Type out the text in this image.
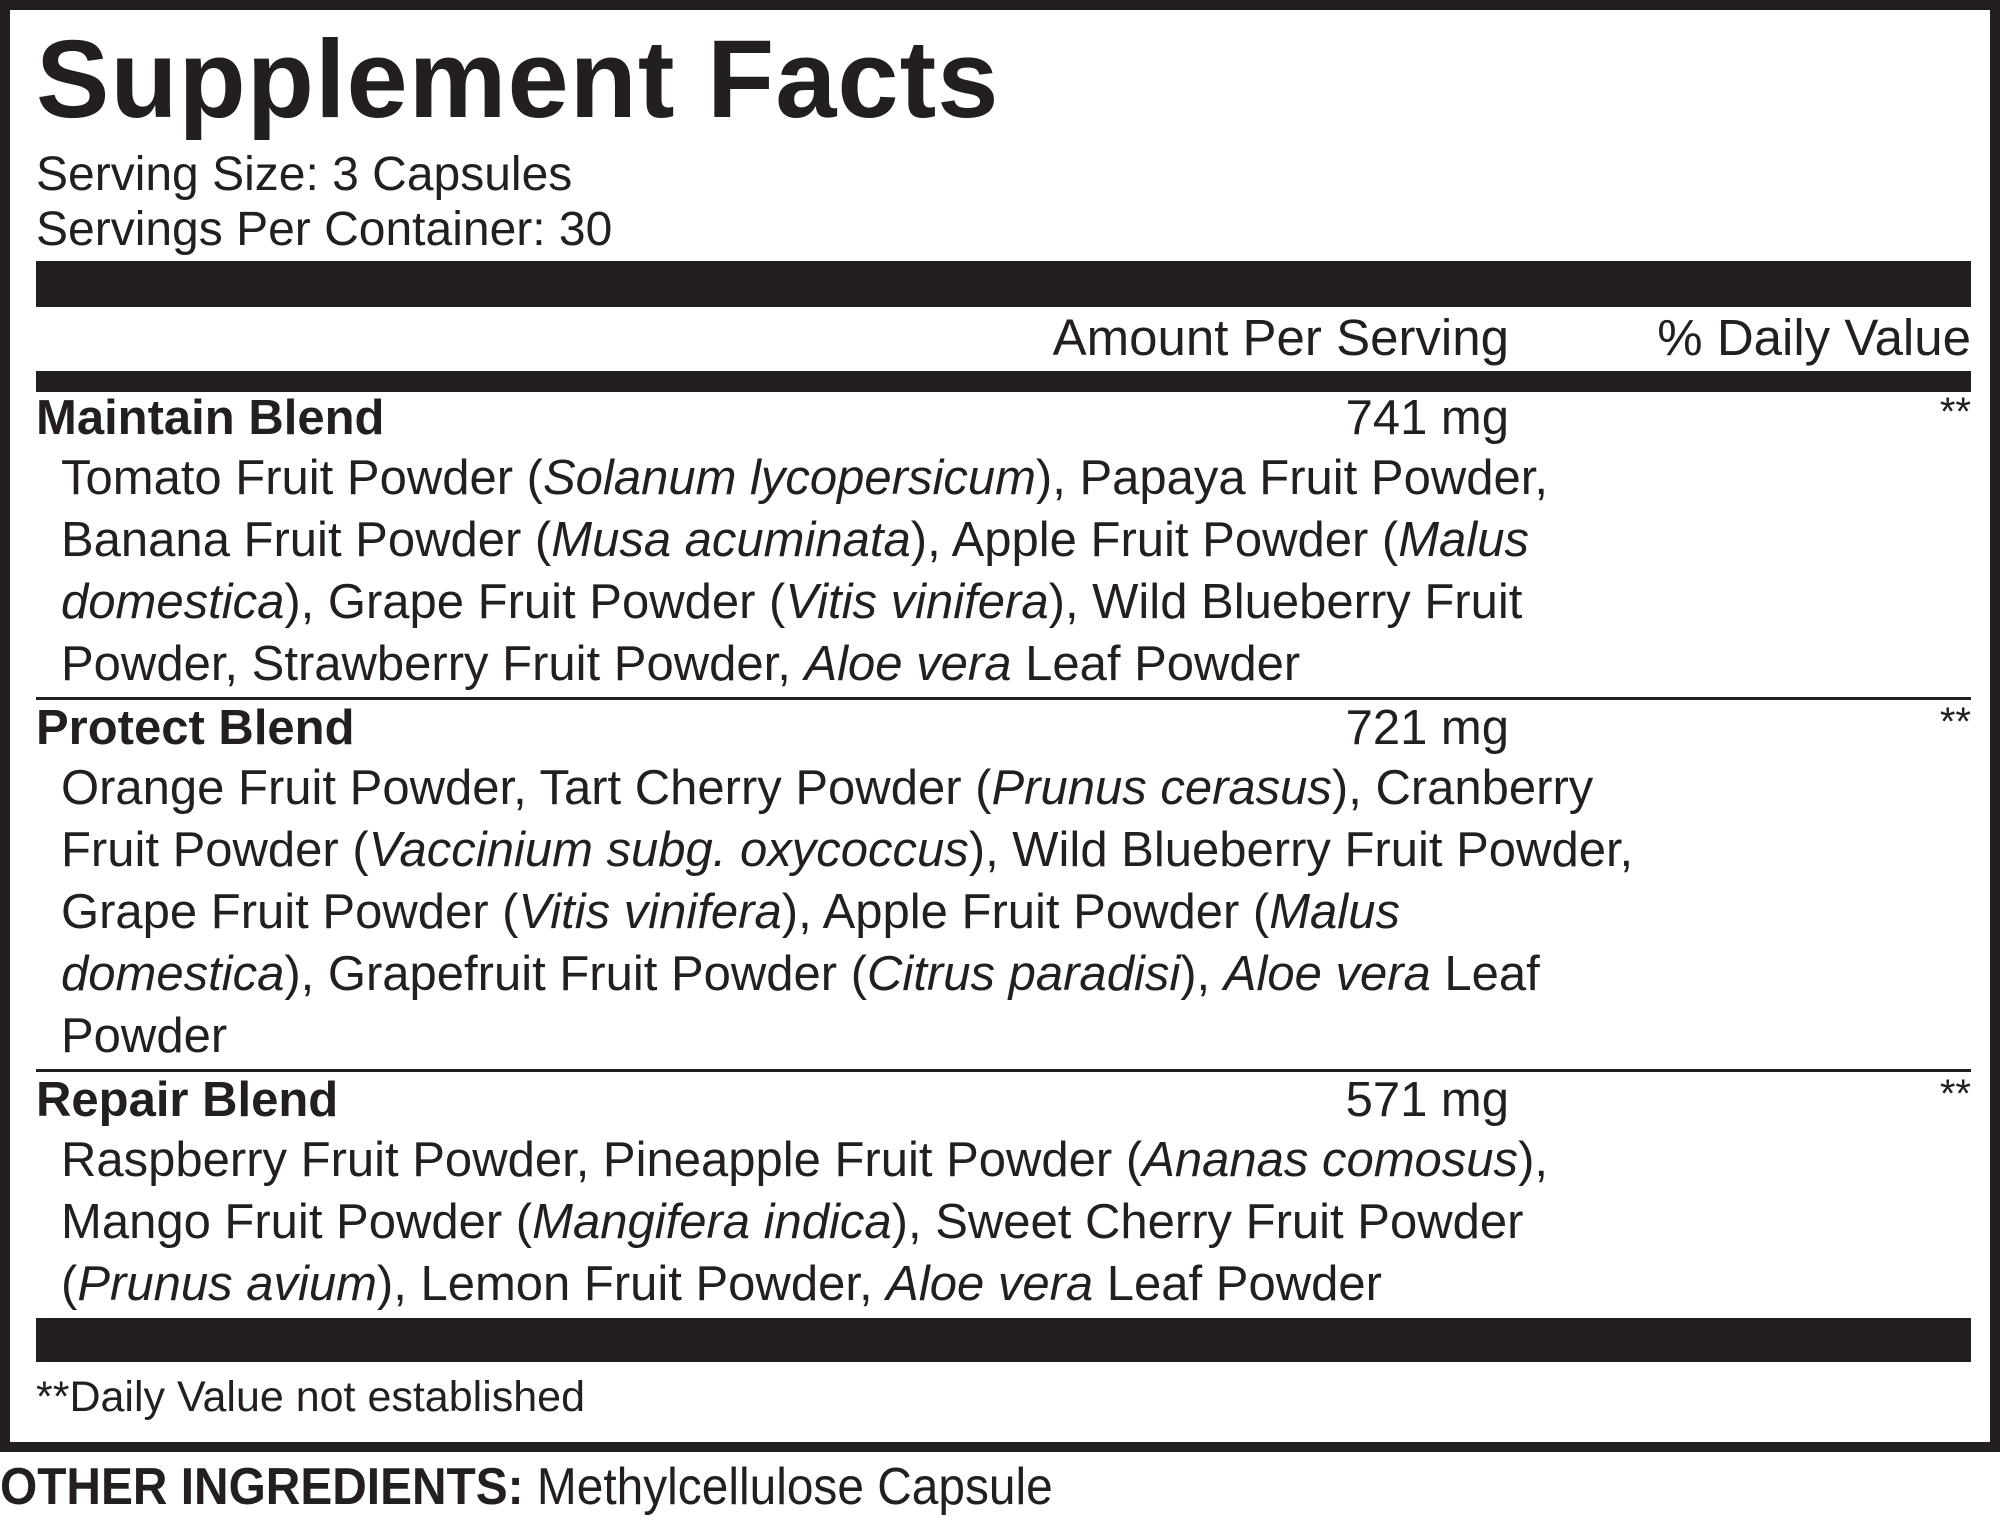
Supplement Facts
Serving Size: 3 Capsules
Servings Per Container: 30
Amount Per Serving	% Daily Value
Maintain Blend	741 mg	**
Tomato Fruit Powder (Solanum lycopersicum), Papaya Fruit Powder,
Banana Fruit Powder (Musa acuminata), Apple Fruit Powder (Malus
domestica), Grape Fruit Powder (Vitis vinifera), Wild Blueberry Fruit
Powder, Strawberry Fruit Powder, Aloe vera Leaf Powder
Protect Blend	721 mg	**
Orange Fruit Powder, Tart Cherry Powder (Prunus cerasus), Cranberry
Fruit Powder (Vaccinium subg. oxycoccus), Wild Blueberry Fruit Powder,
Grape Fruit Powder (Vitis vinifera), Apple Fruit Powder (Malus
domestica), Grapefruit Fruit Powder (Citrus paradisi), Aloe vera Leaf
Powder
Repair Blend	571 mg	**
Raspberry Fruit Powder, Pineapple Fruit Powder (Ananas comosus),
Mango Fruit Powder (Mangifera indica), Sweet Cherry Fruit Powder
(Prunus avium), Lemon Fruit Powder, Aloe vera Leaf Powder
**Daily Value not established
OTHER INGREDIENTS: Methylcellulose Capsule
